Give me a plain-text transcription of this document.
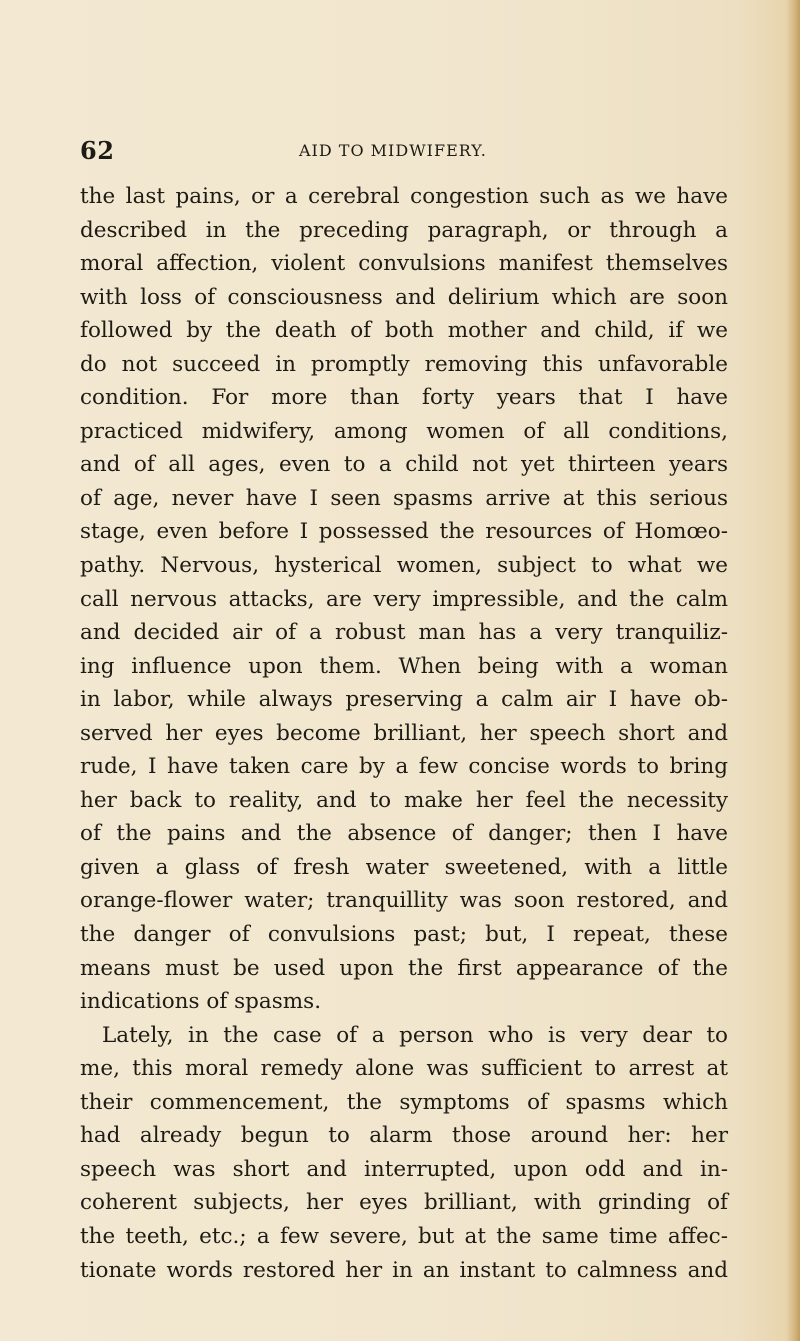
62	AID TO MIDWIFERY.
the last pains, or a cerebral congestion such as we have
described in the preceding paragraph, or through a
moral affection, violent convulsions manifest themselves
with loss of consciousness and delirium which are soon
followed by the death of both mother and child, if we
do not succeed in promptly removing this unfavorable
condition. For more than forty years that I have
practiced midwifery, among women of all conditions,
and of all ages, even to a child not yet thirteen years
of age, never have I seen spasms arrive at this serious
stage, even before I possessed the resources of Homœo-
pathy. Nervous, hysterical women, subject to what we
call nervous attacks, are very impressible, and the calm
and decided air of a robust man has a very tranquiliz-
ing influence upon them. When being with a woman
in labor, while always preserving a calm air I have ob-
served her eyes become brilliant, her speech short and
rude, I have taken care by a few concise words to bring
her back to reality, and to make her feel the necessity
of the pains and the absence of danger; then I have
given a glass of fresh water sweetened, with a little
orange-flower water; tranquillity was soon restored, and
the danger of convulsions past; but, I repeat, these
means must be used upon the first appearance of the
indications of spasms.
Lately, in the case of a person who is very dear to
me, this moral remedy alone was sufficient to arrest at
their commencement, the symptoms of spasms which
had already begun to alarm those around her: her
speech was short and interrupted, upon odd and in-
coherent subjects, her eyes brilliant, with grinding of
the teeth, etc.; a few severe, but at the same time affec-
tionate words restored her in an instant to calmness and
